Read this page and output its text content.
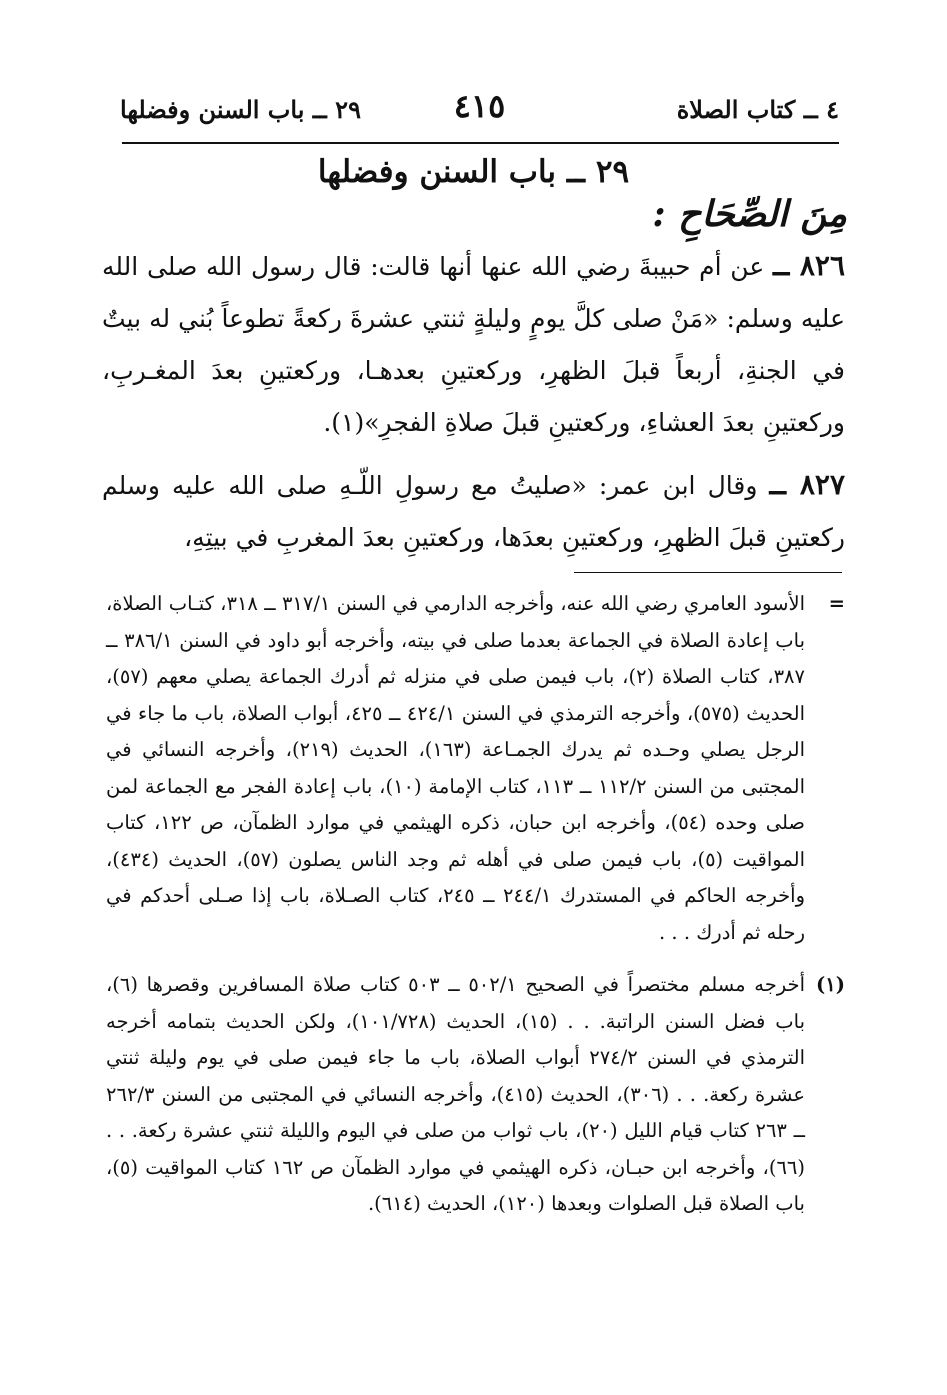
٤ ــ كتاب الصلاة
٤١٥
٢٩ ــ باب السنن وفضلها
٢٩ ــ باب السنن وفضلها
مِنَ الصِّحَاحِ :

٨٢٦ ــ عن أم حبيبةَ رضي الله عنها أنها قالت: قال رسول الله صلى الله عليه وسلم: «مَنْ صلى كلَّ يومٍ وليلةٍ ثنتي عشرةَ ركعةً تطوعاً بُني له بيتٌ في الجنةِ، أربعاً قبلَ الظهرِ، وركعتينِ بعدهـا، وركعتينِ بعدَ المغـربِ، وركعتينِ بعدَ العشاءِ، وركعتينِ قبلَ صلاةِ الفجرِ»(١).

٨٢٧ ــ وقال ابن عمر: «صليتُ مع رسولِ اللّـهِ صلى الله عليه وسلم ركعتينِ قبلَ الظهرِ، وركعتينِ بعدَها، وركعتينِ بعدَ المغربِ في بيتِهِ،

=
الأسود العامري رضي الله عنه، وأخرجه الدارمي في السنن ٣١٧/١ ــ ٣١٨، كتـاب الصلاة، باب إعادة الصلاة في الجماعة بعدما صلى في بيته، وأخرجه أبو داود في السنن ٣٨٦/١ ــ ٣٨٧، كتاب الصلاة (٢)، باب فيمن صلى في منزله ثم أدرك الجماعة يصلي معهم (٥٧)، الحديث (٥٧٥)، وأخرجه الترمذي في السنن ٤٢٤/١ ــ ٤٢٥، أبواب الصلاة، باب ما جاء في الرجل يصلي وحـده ثم يدرك الجمـاعة (١٦٣)، الحديث (٢١٩)، وأخرجه النسائي في المجتبى من السنن ١١٢/٢ ــ ١١٣، كتاب الإمامة (١٠)، باب إعادة الفجر مع الجماعة لمن صلى وحده (٥٤)، وأخرجه ابن حبان، ذكره الهيثمي في موارد الظمآن، ص ١٢٢، كتاب المواقيت (٥)، باب فيمن صلى في أهله ثم وجد الناس يصلون (٥٧)، الحديث (٤٣٤)، وأخرجه الحاكم في المستدرك ٢٤٤/١ ــ ٢٤٥، كتاب الصـلاة، باب إذا صـلى أحدكم في رحله ثم أدرك . . .
(١)
أخرجه مسلم مختصراً في الصحيح ٥٠٢/١ ــ ٥٠٣ كتاب صلاة المسافرين وقصرها (٦)، باب فضل السنن الراتبة. . . (١٥)، الحديث (١٠١/٧٢٨)، ولكن الحديث بتمامه أخرجه الترمذي في السنن ٢٧٤/٢ أبواب الصلاة، باب ما جاء فيمن صلى في يوم وليلة ثنتي عشرة ركعة. . . (٣٠٦)، الحديث (٤١٥)، وأخرجه النسائي في المجتبى من السنن ٢٦٢/٣ ــ ٢٦٣ كتاب قيام الليل (٢٠)، باب ثواب من صلى في اليوم والليلة ثنتي عشرة ركعة. . . (٦٦)، وأخرجه ابن حبـان، ذكره الهيثمي في موارد الظمآن ص ١٦٢ كتاب المواقيت (٥)، باب الصلاة قبل الصلوات وبعدها (١٢٠)، الحديث (٦١٤).
